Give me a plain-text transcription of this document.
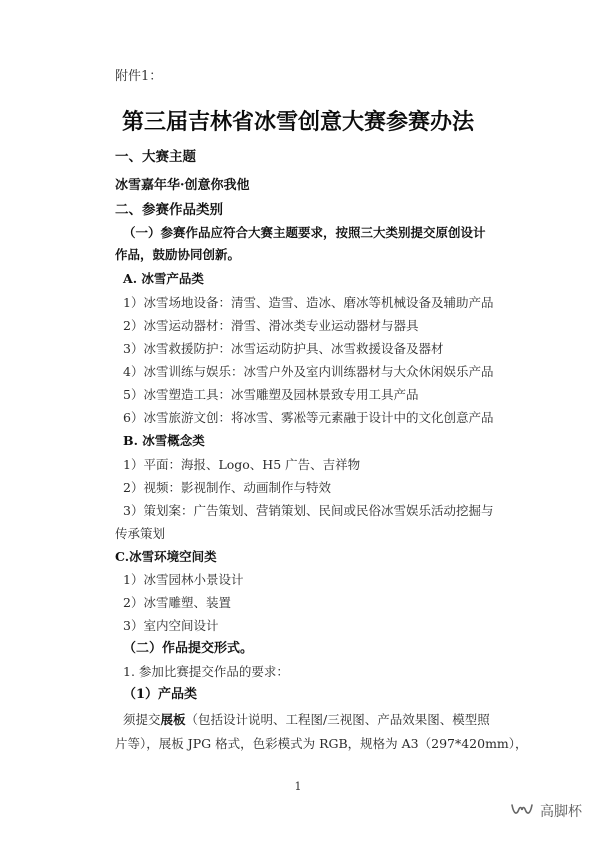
附件1：
第三届吉林省冰雪创意大赛参赛办法
一、大赛主题
冰雪嘉年华·创意你我他
二、参赛作品类别
（一）参赛作品应符合大赛主题要求，按照三大类别提交原创设计
作品，鼓励协同创新。
A. 冰雪产品类
1）冰雪场地设备：清雪、造雪、造冰、磨冰等机械设备及辅助产品
2）冰雪运动器材：滑雪、滑冰类专业运动器材与器具
3）冰雪救援防护：冰雪运动防护具、冰雪救援设备及器材
4）冰雪训练与娱乐：冰雪户外及室内训练器材与大众休闲娱乐产品
5）冰雪塑造工具：冰雪雕塑及园林景致专用工具产品
6）冰雪旅游文创：将冰雪、雾凇等元素融于设计中的文化创意产品
B. 冰雪概念类
1）平面：海报、Logo、H5 广告、吉祥物
2）视频：影视制作、动画制作与特效
3）策划案：广告策划、营销策划、民间或民俗冰雪娱乐活动挖掘与
传承策划
C.冰雪环境空间类
1）冰雪园林小景设计
2）冰雪雕塑、装置
3）室内空间设计
（二）作品提交形式。
1. 参加比赛提交作品的要求：
（1）产品类
须提交展板（包括设计说明、工程图/三视图、产品效果图、模型照
片等），展板 JPG 格式，色彩模式为 RGB，规格为 A3（297*420mm），
1
高脚杯
